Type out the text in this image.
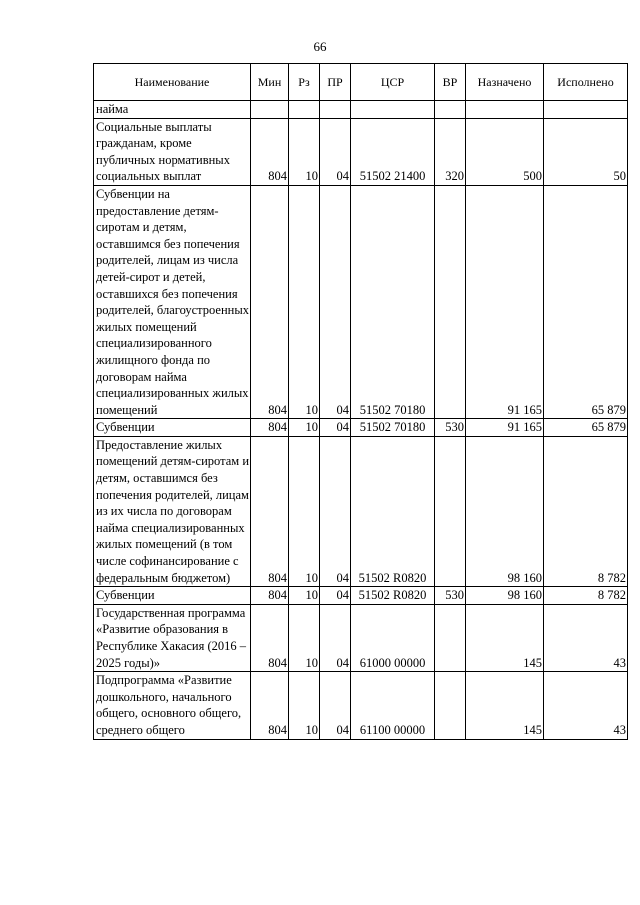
66
Наименование	Мин	Рз	ПР	ЦСР	ВР	Назначено	Исполнено
найма							
Социальные выплаты гражданам, кроме публичных нормативных социальных выплат	804	10	04	51502 21400	320	500	50
Субвенции на предоставление детям-сиротам и детям, оставшимся без попечения родителей, лицам из числа детей-сирот и детей, оставшихся без попечения родителей, благоустроенных жилых помещений специализированного жилищного фонда по договорам найма специализированных жилых помещений	804	10	04	51502 70180		91 165	65 879
Субвенции	804	10	04	51502 70180	530	91 165	65 879
Предоставление жилых помещений детям-сиротам и детям, оставшимся без попечения родителей, лицам из их числа по договорам найма специализированных жилых помещений (в том числе софинансирование с федеральным бюджетом)	804	10	04	51502 R0820		98 160	8 782
Субвенции	804	10	04	51502 R0820	530	98 160	8 782
Государственная программа «Развитие образования в Республике Хакасия (2016 – 2025 годы)»	804	10	04	61000 00000		145	43
Подпрограмма «Развитие дошкольного, начального общего, основного общего, среднего общего	804	10	04	61100 00000		145	43
